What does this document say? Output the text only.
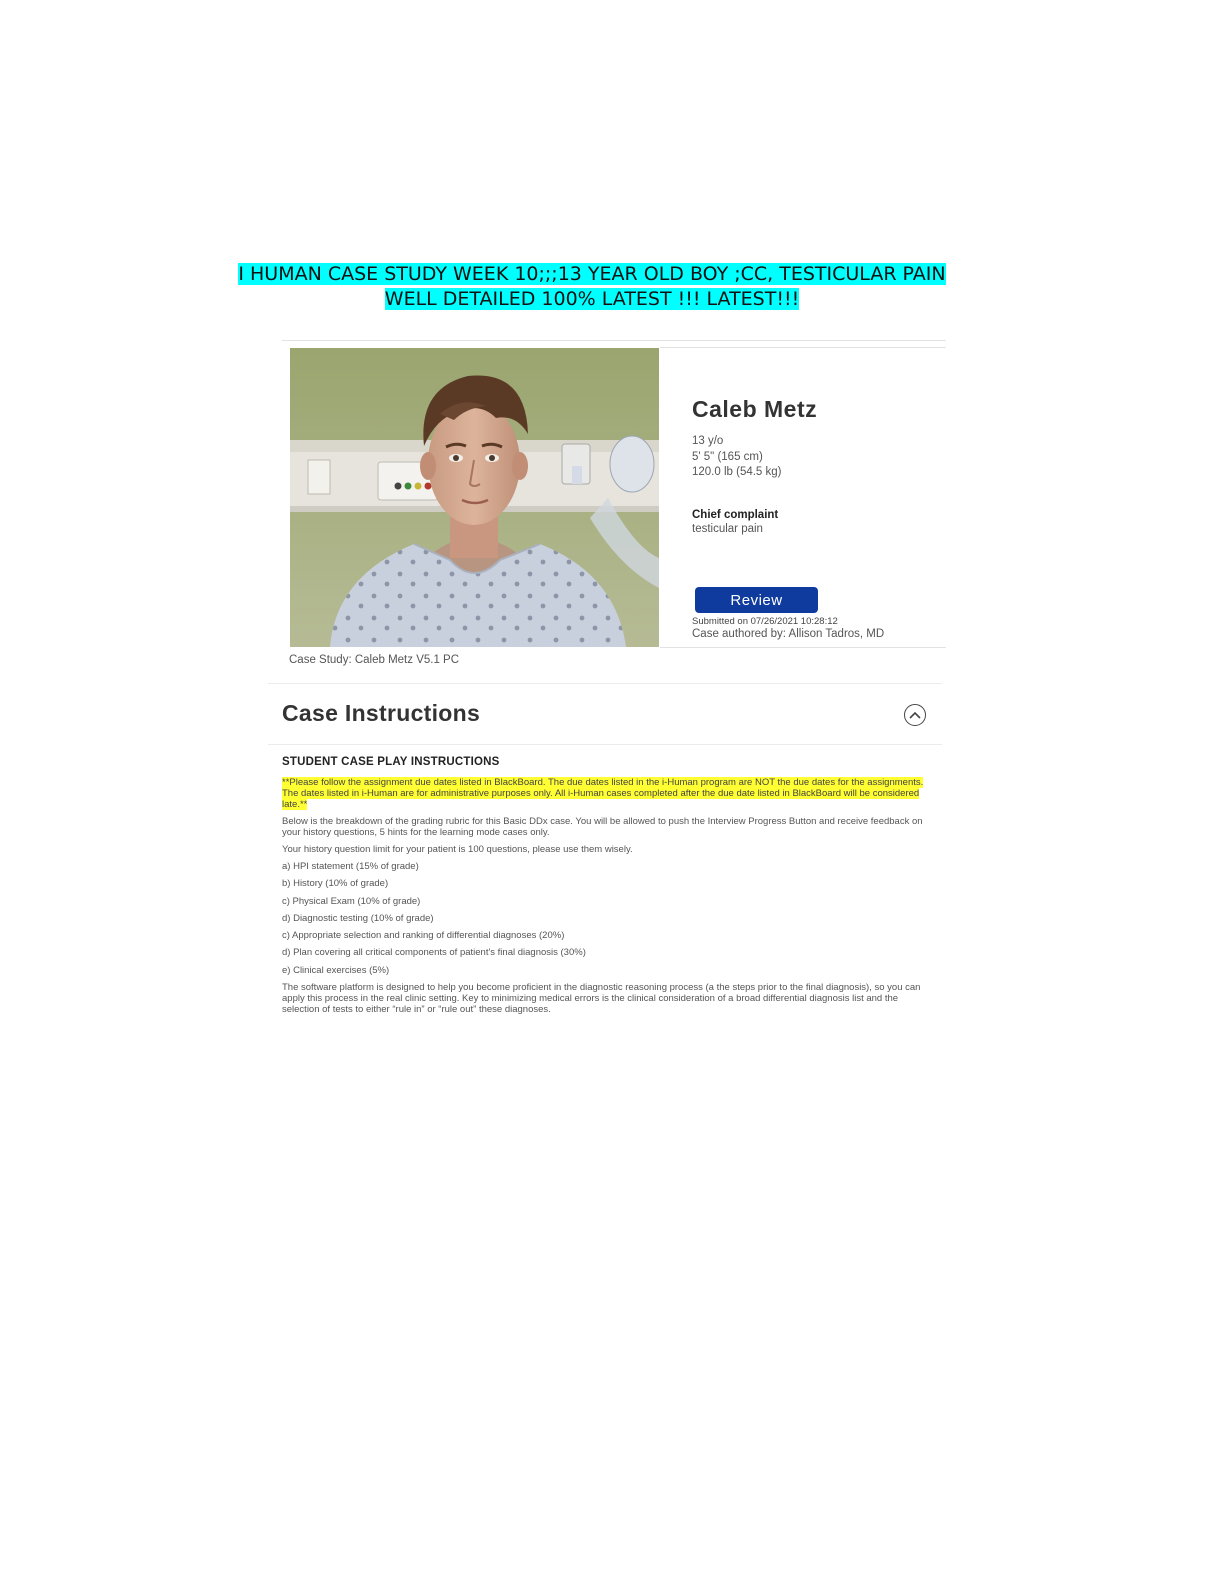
I HUMAN CASE STUDY WEEK 10;;;13 YEAR OLD BOY ;CC, TESTICULAR PAIN
WELL DETAILED 100% LATEST !!! LATEST!!!
Case Study: Caleb Metz V5.1 PC
Caleb Metz
13 y/o
5' 5" (165 cm)
120.0 lb (54.5 kg)
Chief complaint
testicular pain
Review
Submitted on 07/26/2021 10:28:12
Case authored by: Allison Tadros, MD
Case Instructions
STUDENT CASE PLAY INSTRUCTIONS
**Please follow the assignment due dates listed in BlackBoard. The due dates listed in the i-Human program are NOT the due dates for the assignments. The dates listed in i-Human are for administrative purposes only. All i-Human cases completed after the due date listed in BlackBoard will be considered late.**
Below is the breakdown of the grading rubric for this Basic DDx case. You will be allowed to push the Interview Progress Button and receive feedback on your history questions, 5 hints for the learning mode cases only.
Your history question limit for your patient is 100 questions, please use them wisely.
a) HPI statement (15% of grade)
b) History (10% of grade)
c) Physical Exam (10% of grade)
d) Diagnostic testing (10% of grade)
c) Appropriate selection and ranking of differential diagnoses (20%)
d) Plan covering all critical components of patient's final diagnosis (30%)
e) Clinical exercises (5%)
The software platform is designed to help you become proficient in the diagnostic reasoning process (a the steps prior to the final diagnosis), so you can apply this process in the real clinic setting. Key to minimizing medical errors is the clinical consideration of a broad differential diagnosis list and the selection of tests to either “rule in” or “rule out” these diagnoses.
